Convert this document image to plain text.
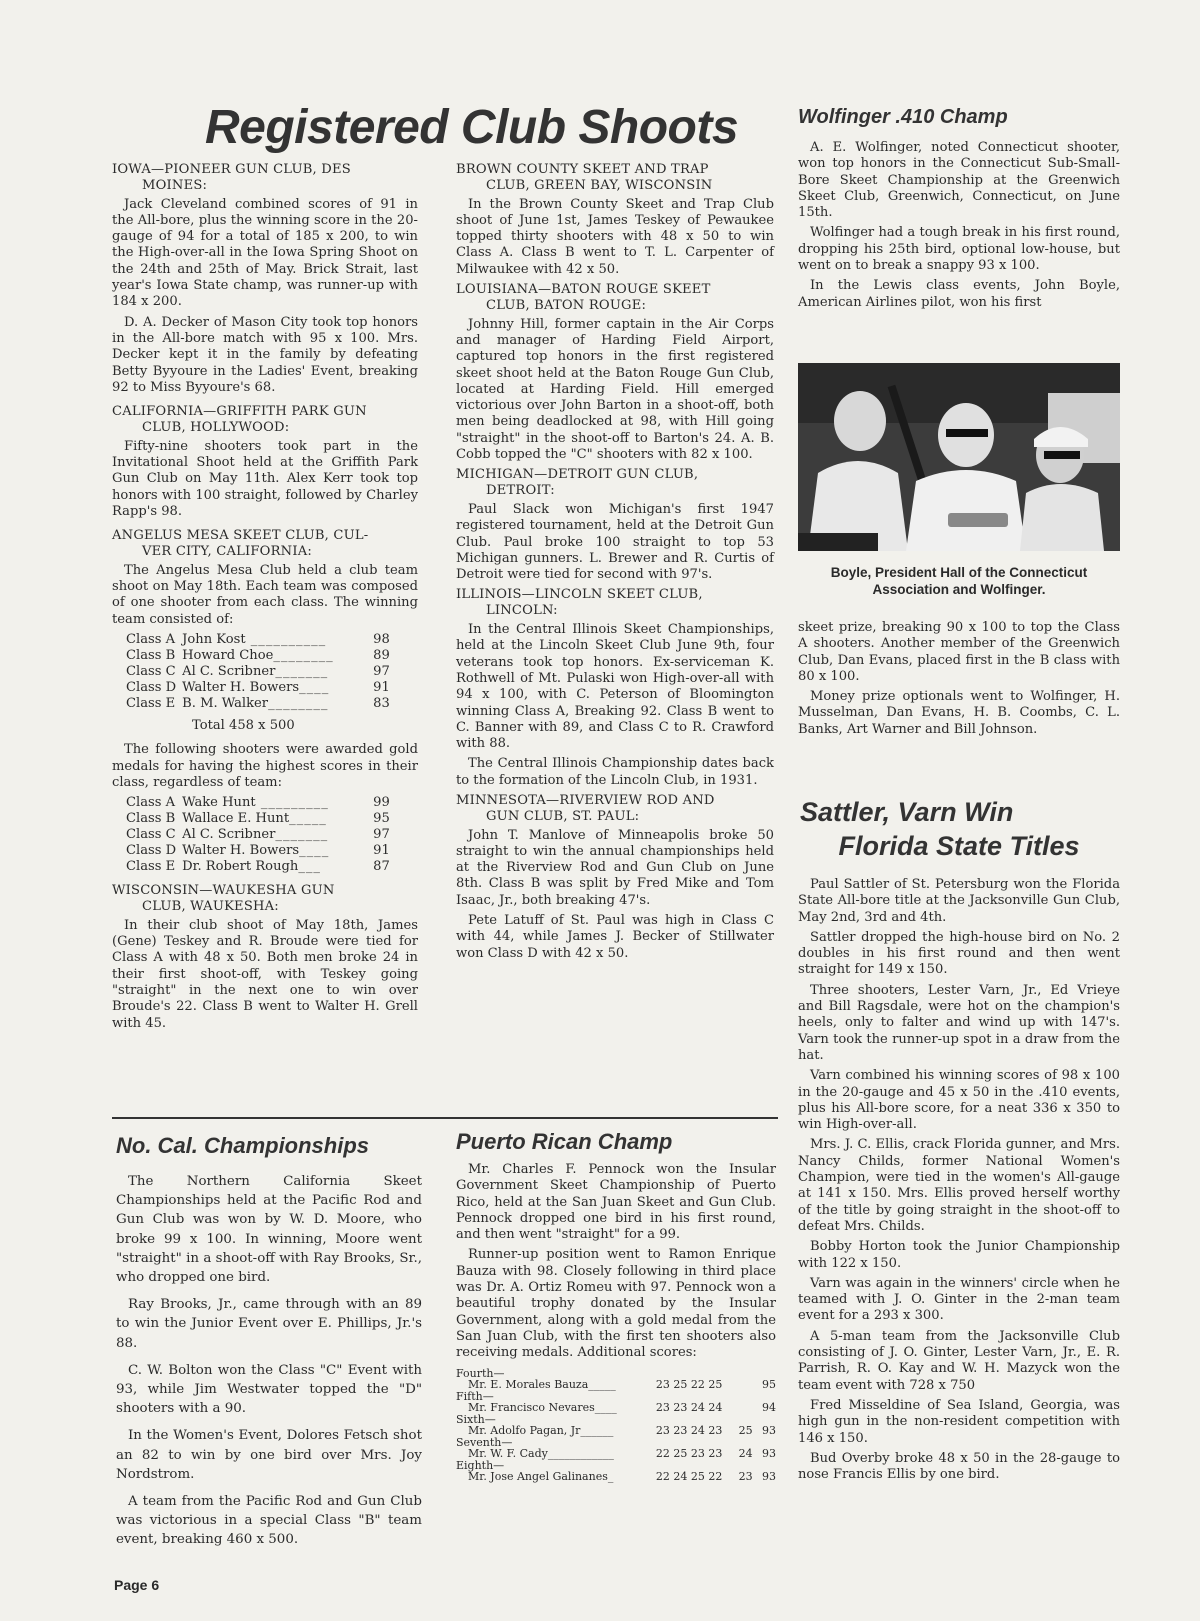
Registered Club Shoots
IOWA—PIONEER GUN CLUB, DES
MOINES:

Jack Cleveland combined scores of 91 in the All-bore, plus the winning score in the 20-gauge of 94 for a total of 185 x 200, to win the High-over-all in the Iowa Spring Shoot on the 24th and 25th of May. Brick Strait, last year's Iowa State champ, was runner-up with 184 x 200.

D. A. Decker of Mason City took top honors in the All-bore match with 95 x 100. Mrs. Decker kept it in the family by defeating Betty Byyoure in the Ladies' Event, breaking 92 to Miss Byyoure's 68.

CALIFORNIA—GRIFFITH PARK GUN
CLUB, HOLLYWOOD:

Fifty-nine shooters took part in the Invitational Shoot held at the Griffith Park Gun Club on May 11th. Alex Kerr took top honors with 100 straight, followed by Charley Rapp's 98.

ANGELUS MESA SKEET CLUB, CUL-
VER CITY, CALIFORNIA:

The Angelus Mesa Club held a club team shoot on May 18th. Each team was composed of one shooter from each class. The winning team consisted of:

Class A	John Kost __________	98
Class B	Howard Choe________	89
Class C	Al C. Scribner_______	97
Class D	Walter H. Bowers____	91
Class E	B. M. Walker________	83
Total 458 x 500

The following shooters were awarded gold medals for having the highest scores in their class, regardless of team:

Class A	Wake Hunt _________	99
Class B	Wallace E. Hunt_____	95
Class C	Al C. Scribner_______	97
Class D	Walter H. Bowers____	91
Class E	Dr. Robert Rough___	87
WISCONSIN—WAUKESHA GUN
CLUB, WAUKESHA:

In their club shoot of May 18th, James (Gene) Teskey and R. Broude were tied for Class A with 48 x 50. Both men broke 24 in their first shoot-off, with Teskey going "straight" in the next one to win over Broude's 22. Class B went to Walter H. Grell with 45.

BROWN COUNTY SKEET AND TRAP
CLUB, GREEN BAY, WISCONSIN

In the Brown County Skeet and Trap Club shoot of June 1st, James Teskey of Pewaukee topped thirty shooters with 48 x 50 to win Class A. Class B went to T. L. Carpenter of Milwaukee with 42 x 50.

LOUISIANA—BATON ROUGE SKEET
CLUB, BATON ROUGE:

Johnny Hill, former captain in the Air Corps and manager of Harding Field Airport, captured top honors in the first registered skeet shoot held at the Baton Rouge Gun Club, located at Harding Field. Hill emerged victorious over John Barton in a shoot-off, both men being deadlocked at 98, with Hill going "straight" in the shoot-off to Barton's 24. A. B. Cobb topped the "C" shooters with 82 x 100.

MICHIGAN—DETROIT GUN CLUB,
DETROIT:

Paul Slack won Michigan's first 1947 registered tournament, held at the Detroit Gun Club. Paul broke 100 straight to top 53 Michigan gunners. L. Brewer and R. Curtis of Detroit were tied for second with 97's.

ILLINOIS—LINCOLN SKEET CLUB,
LINCOLN:

In the Central Illinois Skeet Championships, held at the Lincoln Skeet Club June 9th, four veterans took top honors. Ex-serviceman K. Rothwell of Mt. Pulaski won High-over-all with 94 x 100, with C. Peterson of Bloomington winning Class A, Breaking 92. Class B went to C. Banner with 89, and Class C to R. Crawford with 88.

The Central Illinois Championship dates back to the formation of the Lincoln Club, in 1931.

MINNESOTA—RIVERVIEW ROD AND
GUN CLUB, ST. PAUL:

John T. Manlove of Minneapolis broke 50 straight to win the annual championships held at the Riverview Rod and Gun Club on June 8th. Class B was split by Fred Mike and Tom Isaac, Jr., both breaking 47's.

Pete Latuff of St. Paul was high in Class C with 44, while James J. Becker of Stillwater won Class D with 42 x 50.

No. Cal. Championships

The Northern California Skeet Championships held at the Pacific Rod and Gun Club was won by W. D. Moore, who broke 99 x 100. In winning, Moore went "straight" in a shoot-off with Ray Brooks, Sr., who dropped one bird.

Ray Brooks, Jr., came through with an 89 to win the Junior Event over E. Phillips, Jr.'s 88.

C. W. Bolton won the Class "C" Event with 93, while Jim Westwater topped the "D" shooters with a 90.

In the Women's Event, Dolores Fetsch shot an 82 to win by one bird over Mrs. Joy Nordstrom.

A team from the Pacific Rod and Gun Club was victorious in a special Class "B" team event, breaking 460 x 500.

Puerto Rican Champ

Mr. Charles F. Pennock won the Insular Government Skeet Championship of Puerto Rico, held at the San Juan Skeet and Gun Club. Pennock dropped one bird in his first round, and then went "straight" for a 99.

Runner-up position went to Ramon Enrique Bauza with 98. Closely following in third place was Dr. A. Ortiz Romeu with 97. Pennock won a beautiful trophy donated by the Insular Government, along with a gold medal from the San Juan Club, with the first ten shooters also receiving medals. Additional scores:

Fourth—			
Mr. E. Morales Bauza_____	23 25 22 25		95
Fifth—			
Mr. Francisco Nevares____	23 23 24 24		94
Sixth—			
Mr. Adolfo Pagan, Jr______	23 23 24 23	25	93
Seventh—			
Mr. W. F. Cady____________	22 25 23 23	24	93
Eighth—			
Mr. Jose Angel Galinanes_	22 24 25 22	23	93
Wolfinger .410 Champ

A. E. Wolfinger, noted Connecticut shooter, won top honors in the Connecticut Sub-Small-Bore Skeet Championship at the Greenwich Skeet Club, Greenwich, Connecticut, on June 15th.

Wolfinger had a tough break in his first round, dropping his 25th bird, optional low-house, but went on to break a snappy 93 x 100.

In the Lewis class events, John Boyle, American Airlines pilot, won his first

Boyle, President Hall of the Connecticut Association and Wolfinger.

skeet prize, breaking 90 x 100 to top the Class A shooters. Another member of the Greenwich Club, Dan Evans, placed first in the B class with 80 x 100.

Money prize optionals went to Wolfinger, H. Musselman, Dan Evans, H. B. Coombs, C. L. Banks, Art Warner and Bill Johnson.

Sattler, Varn Win
Florida State Titles

Paul Sattler of St. Petersburg won the Florida State All-bore title at the Jacksonville Gun Club, May 2nd, 3rd and 4th.

Sattler dropped the high-house bird on No. 2 doubles in his first round and then went straight for 149 x 150.

Three shooters, Lester Varn, Jr., Ed Vrieye and Bill Ragsdale, were hot on the champion's heels, only to falter and wind up with 147's. Varn took the runner-up spot in a draw from the hat.

Varn combined his winning scores of 98 x 100 in the 20-gauge and 45 x 50 in the .410 events, plus his All-bore score, for a neat 336 x 350 to win High-over-all.

Mrs. J. C. Ellis, crack Florida gunner, and Mrs. Nancy Childs, former National Women's Champion, were tied in the women's All-gauge at 141 x 150. Mrs. Ellis proved herself worthy of the title by going straight in the shoot-off to defeat Mrs. Childs.

Bobby Horton took the Junior Championship with 122 x 150.

Varn was again in the winners' circle when he teamed with J. O. Ginter in the 2-man team event for a 293 x 300.

A 5-man team from the Jacksonville Club consisting of J. O. Ginter, Lester Varn, Jr., E. R. Parrish, R. O. Kay and W. H. Mazyck won the team event with 728 x 750

Fred Misseldine of Sea Island, Georgia, was high gun in the non-resident competition with 146 x 150.

Bud Overby broke 48 x 50 in the 28-gauge to nose Francis Ellis by one bird.

Page 6
